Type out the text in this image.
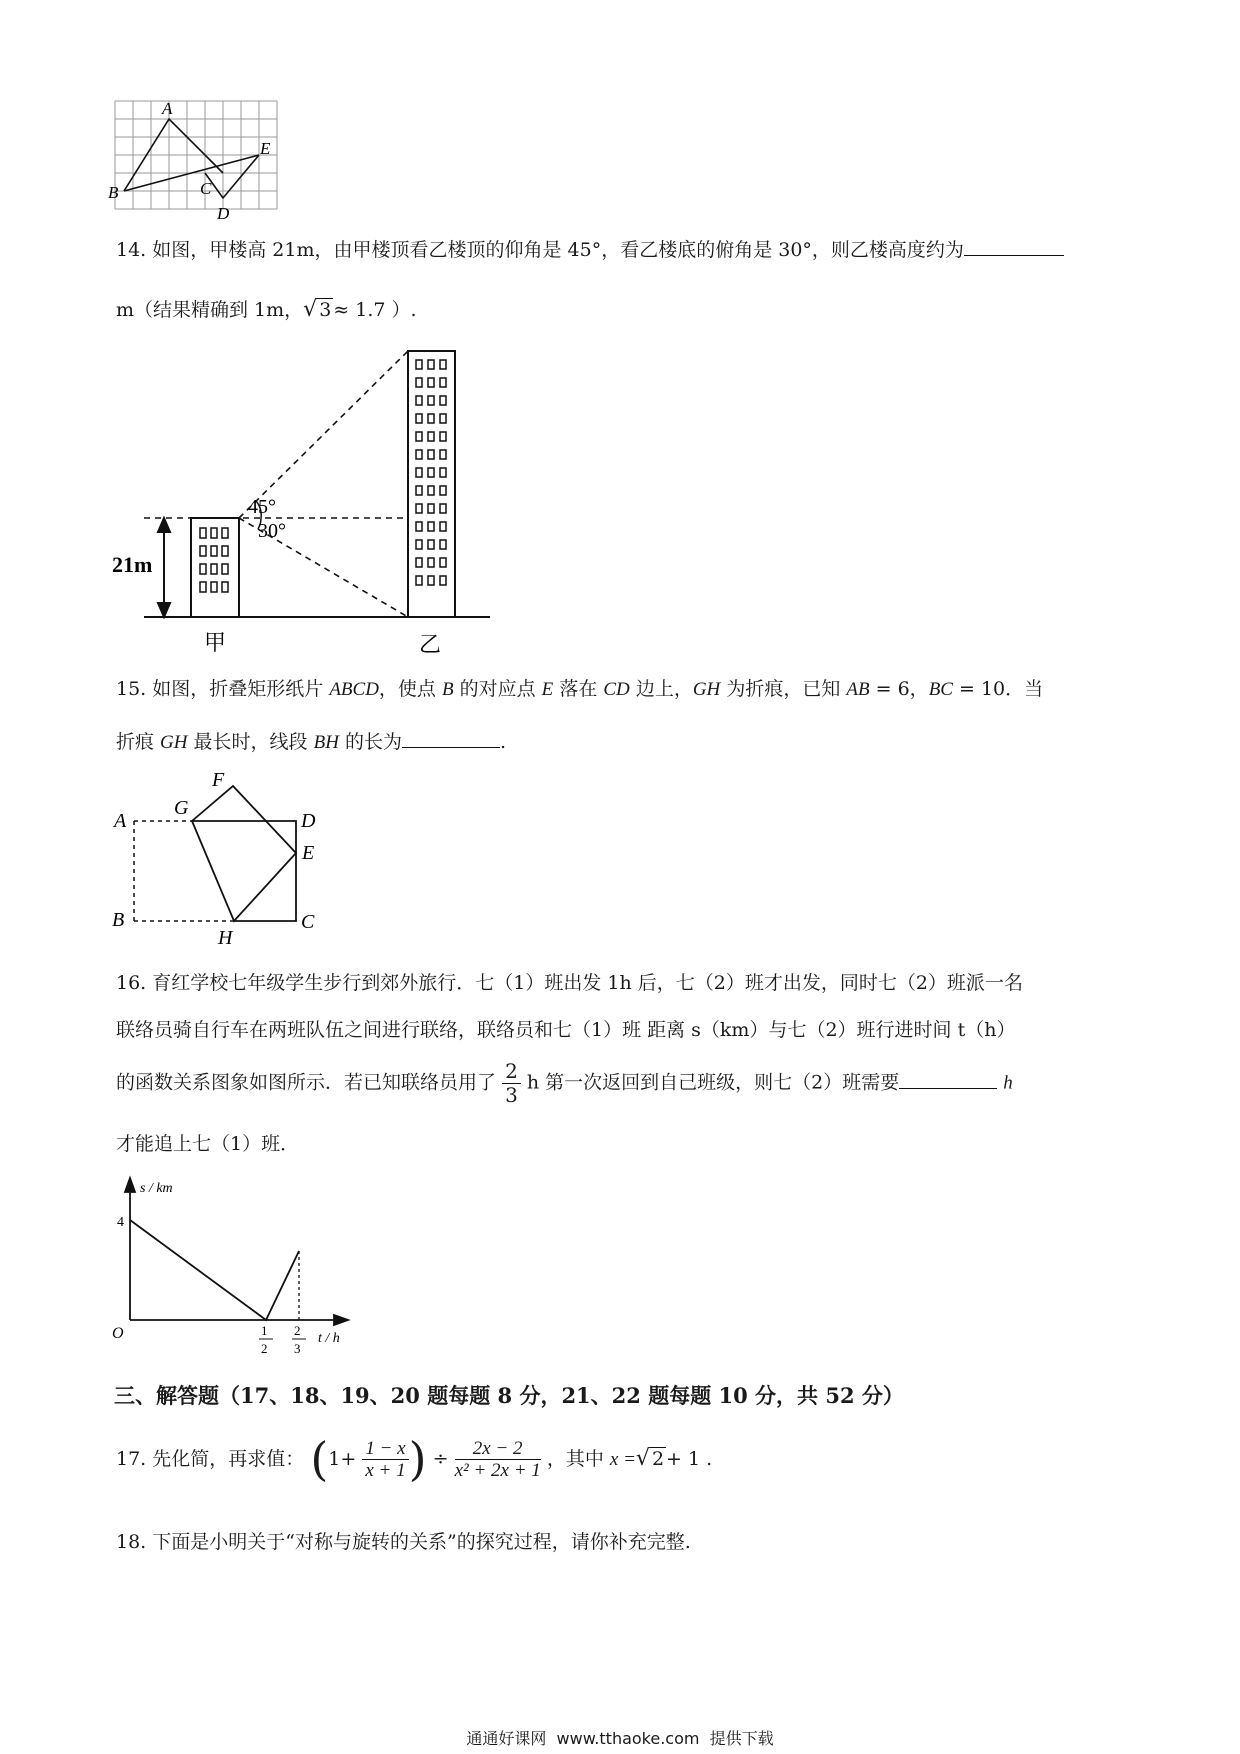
A
B	C
D
E
14. 如图，甲楼高 21m，由甲楼顶看乙楼顶的仰角是 45°，看乙楼底的俯角是 30°，则乙楼高度约为
m（结果精确到 1m，√ 3 ≈ 1.7 ）.
21m
45°
30°
甲	乙
15. 如图，折叠矩形纸片 ABCD，使点 B 的对应点 E 落在 CD 边上，GH 为折痕，已知 AB = 6，BC = 10．当
折痕 GH 最长时，线段 BH 的长为	.
A
B	C
D
E
F
G
H
16. 育红学校七年级学生步行到郊外旅行．七（1）班出发 1h 后，七（2）班才出发，同时七（2）班派一名
联络员骑自行车在两班队伍之间进行联络，联络员和七（1）班 距离 s（km）与七（2）班行进时间 t（h）
的函数关系图象如图所示．若已知联络员用了 $\frac{2}{3}$ h 第一次返回到自己班级，则七（2）班需要	h
才能追上七（1）班．
s / km
4
O	1
2
2
3
t / h
三、解答题（17、18、19、20 题每题 8 分，21、22 题每题 10 分，共 52 分）
17. 先化简，再求值： ($1+ \frac{1 - x}{x + 1}$ ) ÷ $\frac{2x - 2}{\text{x² + 2x + 1}}$ ，其中 x =√ 2 + 1 .
18. 下面是小明关于“对称与旋转的关系”的探究过程，请你补充完整.
通通好课网  www.tthaoke.com  提供下载
